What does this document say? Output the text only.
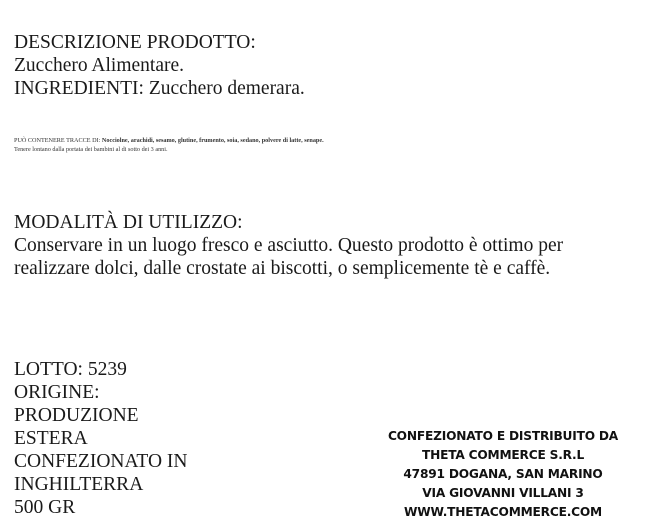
DESCRIZIONE PRODOTTO:
Zucchero Alimentare.
INGREDIENTI: Zucchero demerara.
PUÒ CONTENERE TRACCE DI: Nocciolne, arachidi, sesamo, glutine, frumento, soia, sedano, polvere di latte, senape.
Tenere lontano dalla portata dei bambini al di sotto dei 3 anni.
MODALITÀ DI UTILIZZO:
Conservare in un luogo fresco e asciutto. Questo prodotto è ottimo per
realizzare dolci, dalle crostate ai biscotti, o semplicemente tè e caffè.
LOTTO: 5239
ORIGINE:
PRODUZIONE
ESTERA
CONFEZIONATO IN
INGHILTERRA
500 GR
CONFEZIONATO E DISTRIBUITO DA
THETA COMMERCE S.R.L
47891 DOGANA, SAN MARINO
VIA GIOVANNI VILLANI 3
WWW.THETACOMMERCE.COM
